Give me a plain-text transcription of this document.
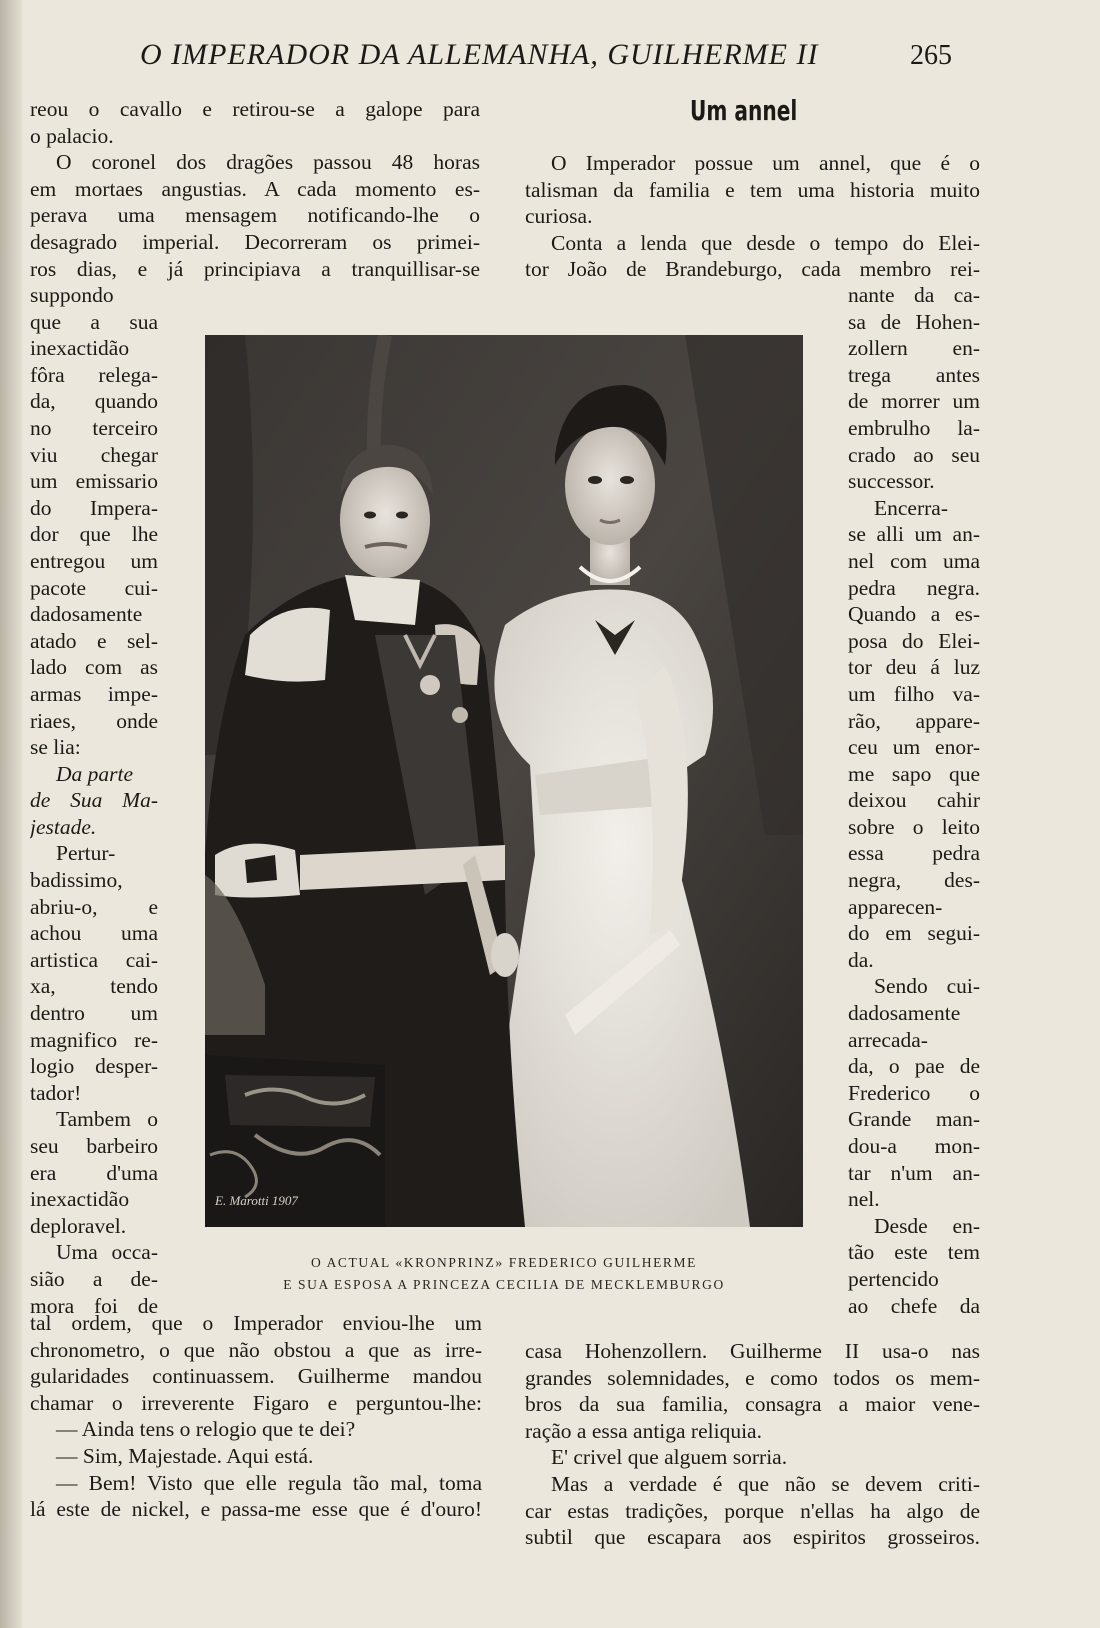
O IMPERADOR DA ALLEMANHA, GUILHERME II	265
reou o cavallo e retirou-se a galope para
o palacio.
O coronel dos dragões passou 48 horas
em mortaes angustias. A cada momento es-
perava uma mensagem notificando-lhe o
desagrado imperial. Decorreram os primei-
ros dias, e já principiava a tranquillisar-se
suppondo
que a sua
inexactidão
fôra relega-
da, quando
no terceiro
viu chegar
um emissario
do Impera-
dor que lhe
entregou um
pacote cui-
dadosamente
atado e sel-
lado com as
armas impe-
riaes, onde
se lia:
Da parte
de Sua Ma-
jestade.
Pertur-
badissimo,
abriu-o, e
achou uma
artistica cai-
xa, tendo
dentro um
magnifico re-
logio desper-
tador!
Tambem o
seu barbeiro
era d'uma
inexactidão
deploravel.
Uma occa-
sião a de-
mora foi de
tal ordem, que o Imperador enviou-lhe um
chronometro, o que não obstou a que as irre-
gularidades continuassem. Guilherme mandou
chamar o irreverente Figaro e perguntou-lhe:
— Ainda tens o relogio que te dei?
— Sim, Majestade. Aqui está.
— Bem! Visto que elle regula tão mal, toma
lá este de nickel, e passa-me esse que é d'ouro!
Um annel
O Imperador possue um annel, que é o
talisman da familia e tem uma historia muito
curiosa.
Conta a lenda que desde o tempo do Elei-
tor João de Brandeburgo, cada membro rei-
nante da ca-
sa de Hohen-
zollern en-
trega antes
de morrer um
embrulho la-
crado ao seu
successor.
Encerra-
se alli um an-
nel com uma
pedra negra.
Quando a es-
posa do Elei-
tor deu á luz
um filho va-
rão, appare-
ceu um enor-
me sapo que
deixou cahir
sobre o leito
essa pedra
negra, des-
apparecen-
do em segui-
da.
Sendo cui-
dadosamente
arrecada-
da, o pae de
Frederico o
Grande man-
dou-a mon-
tar n'um an-
nel.
Desde en-
tão este tem
pertencido
ao chefe da
casa Hohenzollern. Guilherme II usa-o nas
grandes solemnidades, e como todos os mem-
bros da sua familia, consagra a maior vene-
ração a essa antiga reliquia.
E' crivel que alguem sorria.
Mas a verdade é que não se devem criti-
car estas tradições, porque n'ellas ha algo de
subtil que escapara aos espiritos grosseiros.
E. Marotti 1907
O ACTUAL «KRONPRINZ» FREDERICO GUILHERME
E SUA ESPOSA A PRINCEZA CECILIA DE MECKLEMBURGO
